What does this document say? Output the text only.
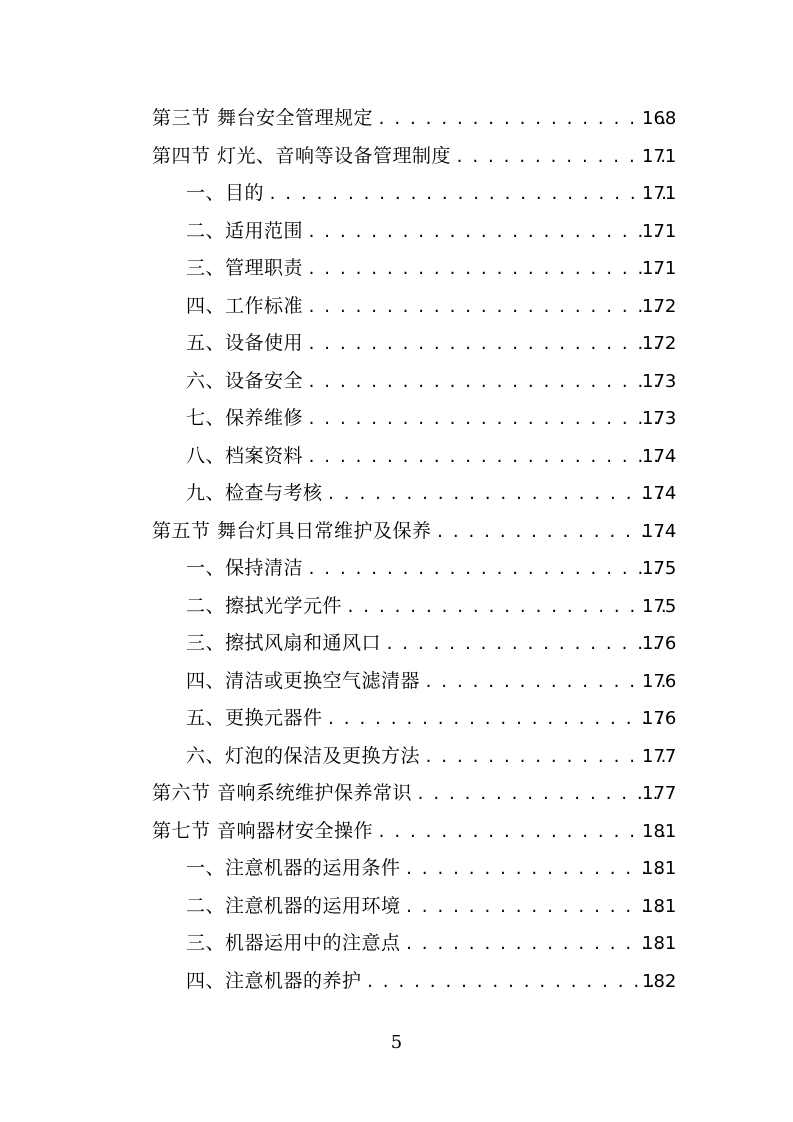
第三节 舞台安全管理规定 . . .	168
第四节 灯光、音响等设备管理制度 . . .	171
一、目的 . . .	171
二、适用范围 . . .	171
三、管理职责 . . .	171
四、工作标准 . . .	172
五、设备使用 . . .	172
六、设备安全 . . .	173
七、保养维修 . . .	173
八、档案资料 . . .	174
九、检查与考核 . . .	174
第五节 舞台灯具日常维护及保养 . . .	174
一、保持清洁 . . .	175
二、擦拭光学元件 . . .	175
三、擦拭风扇和通风口 . . .	176
四、清洁或更换空气滤清器 . . .	176
五、更换元器件 . . .	176
六、灯泡的保洁及更换方法 . . .	177
第六节 音响系统维护保养常识 . . .	177
第七节 音响器材安全操作 . . .	181
一、注意机器的运用条件 . . .	181
二、注意机器的运用环境 . . .	181
三、机器运用中的注意点 . . .	181
四、注意机器的养护 . . .	182
5
